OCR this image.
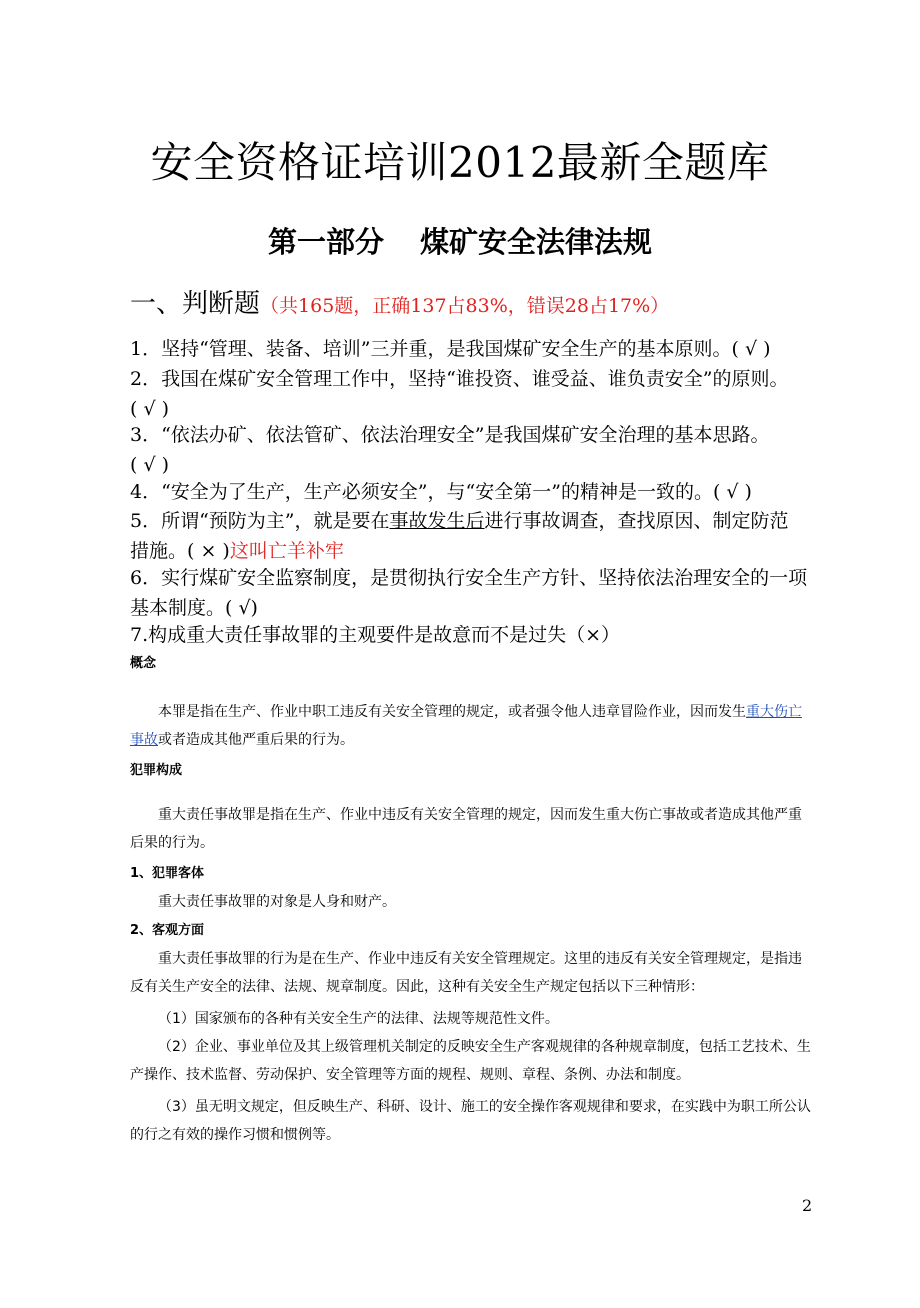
安全资格证培训2012最新全题库
第一部分 煤矿安全法律法规
一、判断题（共165题，正确137占83%，错误28占17%）
1．坚持“管理、装备、培训”三并重，是我国煤矿安全生产的基本原则。( √ )
2．我国在煤矿安全管理工作中，坚持“谁投资、谁受益、谁负责安全”的原则。
( √ )
3．“依法办矿、依法管矿、依法治理安全”是我国煤矿安全治理的基本思路。
( √ )
4．“安全为了生产，生产必须安全”，与“安全第一”的精神是一致的。( √ )
5．所谓“预防为主”，就是要在事故发生后进行事故调查，查找原因、制定防范
措施。( × )这叫亡羊补牢
6．实行煤矿安全监察制度，是贯彻执行安全生产方针、坚持依法治理安全的一项
基本制度。( √)
7.构成重大责任事故罪的主观要件是故意而不是过失（×）
概念
本罪是指在生产、作业中职工违反有关安全管理的规定，或者强令他人违章冒险作业，因而发生重大伤亡事故或者造成其他严重后果的行为。
犯罪构成
重大责任事故罪是指在生产、作业中违反有关安全管理的规定，因而发生重大伤亡事故或者造成其他严重后果的行为。
1、犯罪客体
重大责任事故罪的对象是人身和财产。
2、客观方面
重大责任事故罪的行为是在生产、作业中违反有关安全管理规定。这里的违反有关安全管理规定，是指违反有关生产安全的法律、法规、规章制度。因此，这种有关安全生产规定包括以下三种情形：
（1）国家颁布的各种有关安全生产的法律、法规等规范性文件。
（2）企业、事业单位及其上级管理机关制定的反映安全生产客观规律的各种规章制度，包括工艺技术、生产操作、技术监督、劳动保护、安全管理等方面的规程、规则、章程、条例、办法和制度。
（3）虽无明文规定，但反映生产、科研、设计、施工的安全操作客观规律和要求，在实践中为职工所公认的行之有效的操作习惯和惯例等。
2
